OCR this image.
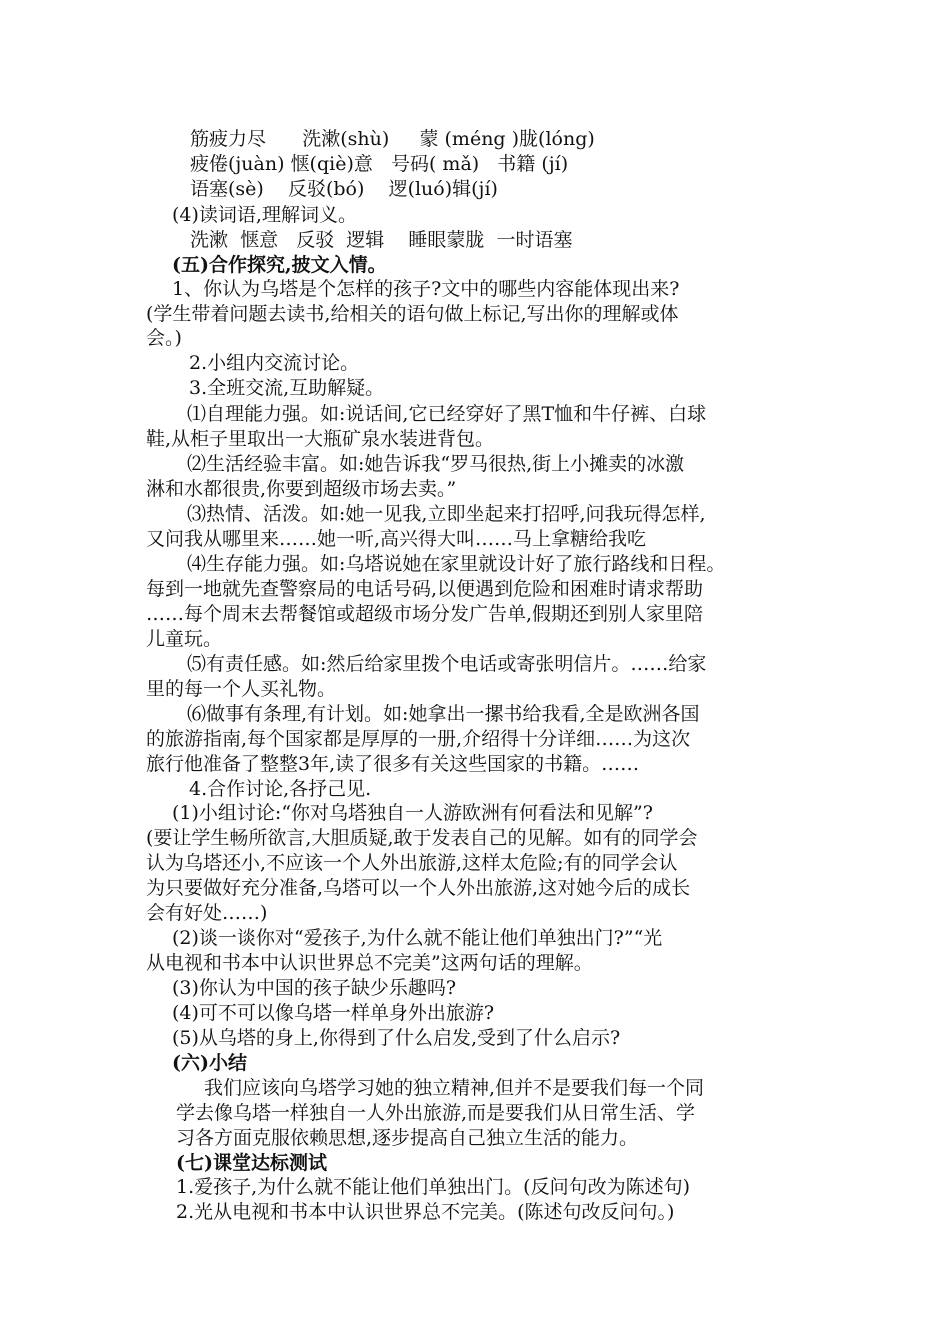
筋疲力尽      洗漱(shù)     蒙 (méng )胧(lóng)
疲倦(juàn) 惬(qiè)意   号码( mǎ)   书籍 (jí)
语塞(sè)    反驳(bó)    逻(luó)辑(jí)
(4)读词语,理解词义。
洗漱  惬意   反驳  逻辑    睡眼蒙胧  一时语塞
(五)合作探究,披文入情。
1、你认为乌塔是个怎样的孩子?文中的哪些内容能体现出来?
(学生带着问题去读书,给相关的语句做上标记,写出你的理解或体
会。)
2.小组内交流讨论。
3.全班交流,互助解疑。
⑴自理能力强。如:说话间,它已经穿好了黑T恤和牛仔裤、白球
鞋,从柜子里取出一大瓶矿泉水装进背包。
⑵生活经验丰富。如:她告诉我“罗马很热,街上小摊卖的冰激
淋和水都很贵,你要到超级市场去卖。”
⑶热情、活泼。如:她一见我,立即坐起来打招呼,问我玩得怎样,
又问我从哪里来……她一听,高兴得大叫……马上拿糖给我吃
⑷生存能力强。如:乌塔说她在家里就设计好了旅行路线和日程。
每到一地就先查警察局的电话号码,以便遇到危险和困难时请求帮助
……每个周末去帮餐馆或超级市场分发广告单,假期还到别人家里陪
儿童玩。
⑸有责任感。如:然后给家里拨个电话或寄张明信片。……给家
里的每一个人买礼物。
⑹做事有条理,有计划。如:她拿出一摞书给我看,全是欧洲各国
的旅游指南,每个国家都是厚厚的一册,介绍得十分详细……为这次
旅行他准备了整整3年,读了很多有关这些国家的书籍。……
4.合作讨论,各抒己见.
(1)小组讨论:“你对乌塔独自一人游欧洲有何看法和见解”?
(要让学生畅所欲言,大胆质疑,敢于发表自己的见解。如有的同学会
认为乌塔还小,不应该一个人外出旅游,这样太危险;有的同学会认
为只要做好充分准备,乌塔可以一个人外出旅游,这对她今后的成长
会有好处……)
(2)谈一谈你对“爱孩子,为什么就不能让他们单独出门?”“光
从电视和书本中认识世界总不完美”这两句话的理解。
(3)你认为中国的孩子缺少乐趣吗?
(4)可不可以像乌塔一样单身外出旅游?
(5)从乌塔的身上,你得到了什么启发,受到了什么启示?
(六)小结
我们应该向乌塔学习她的独立精神,但并不是要我们每一个同
学去像乌塔一样独自一人外出旅游,而是要我们从日常生活、学
习各方面克服依赖思想,逐步提高自己独立生活的能力。
(七)课堂达标测试
1.爱孩子,为什么就不能让他们单独出门。(反问句改为陈述句)
2.光从电视和书本中认识世界总不完美。(陈述句改反问句。)
